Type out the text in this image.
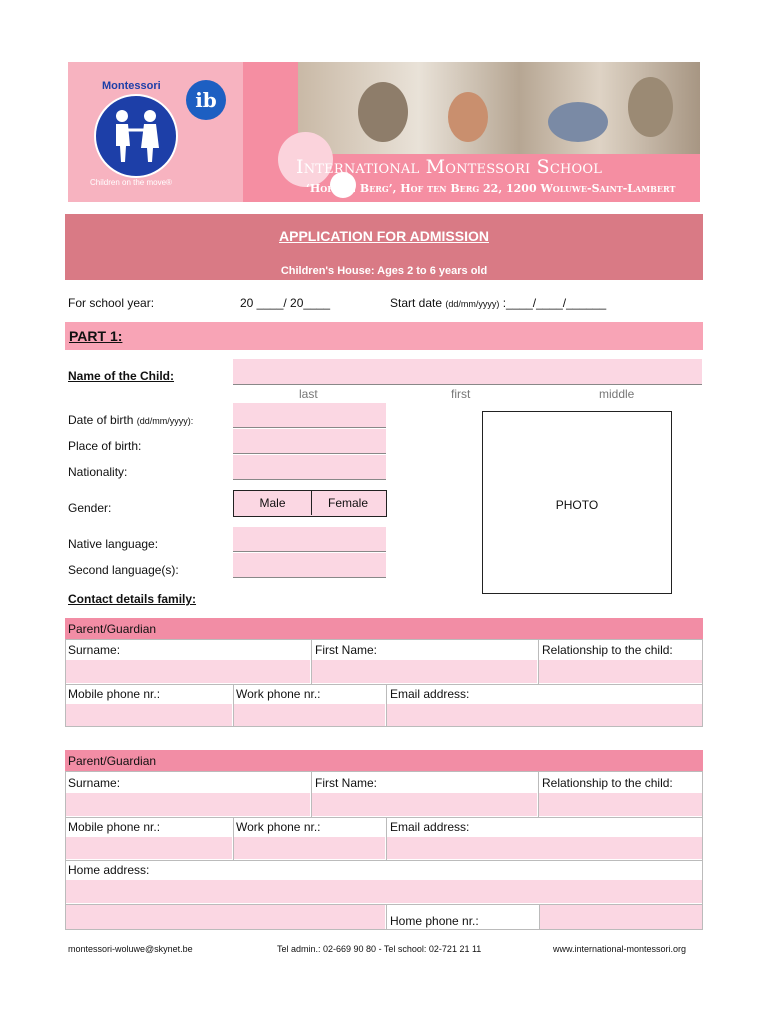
Montessori
ib
Children on the move®
International Montessori School
‘Hof ten Berg’, Hof ten Berg 22, 1200 Woluwe-Saint-Lambert
APPLICATION FOR ADMISSION
Children's House: Ages 2 to 6 years old
For school year:	20 ____/ 20____	Start date (dd/mm/yyyy) :____/____/______
PART 1:
Name of the Child:
last	first	middle
Date of birth (dd/mm/yyyy):
Place of birth:
Nationality:
Gender:	Male	Female
Native language:
Second language(s):
PHOTO
Contact details family:
Parent/Guardian
Surname:	First Name:	Relationship to the child:
Mobile phone nr.:	Work phone nr.:	Email address:
Parent/Guardian
Surname:	First Name:	Relationship to the child:
Mobile phone nr.:	Work phone nr.:	Email address:
Home address:
Home phone nr.:
montessori-woluwe@skynet.be	Tel admin.: 02-669 90 80 - Tel school: 02-721 21 11	www.international-montessori.org
